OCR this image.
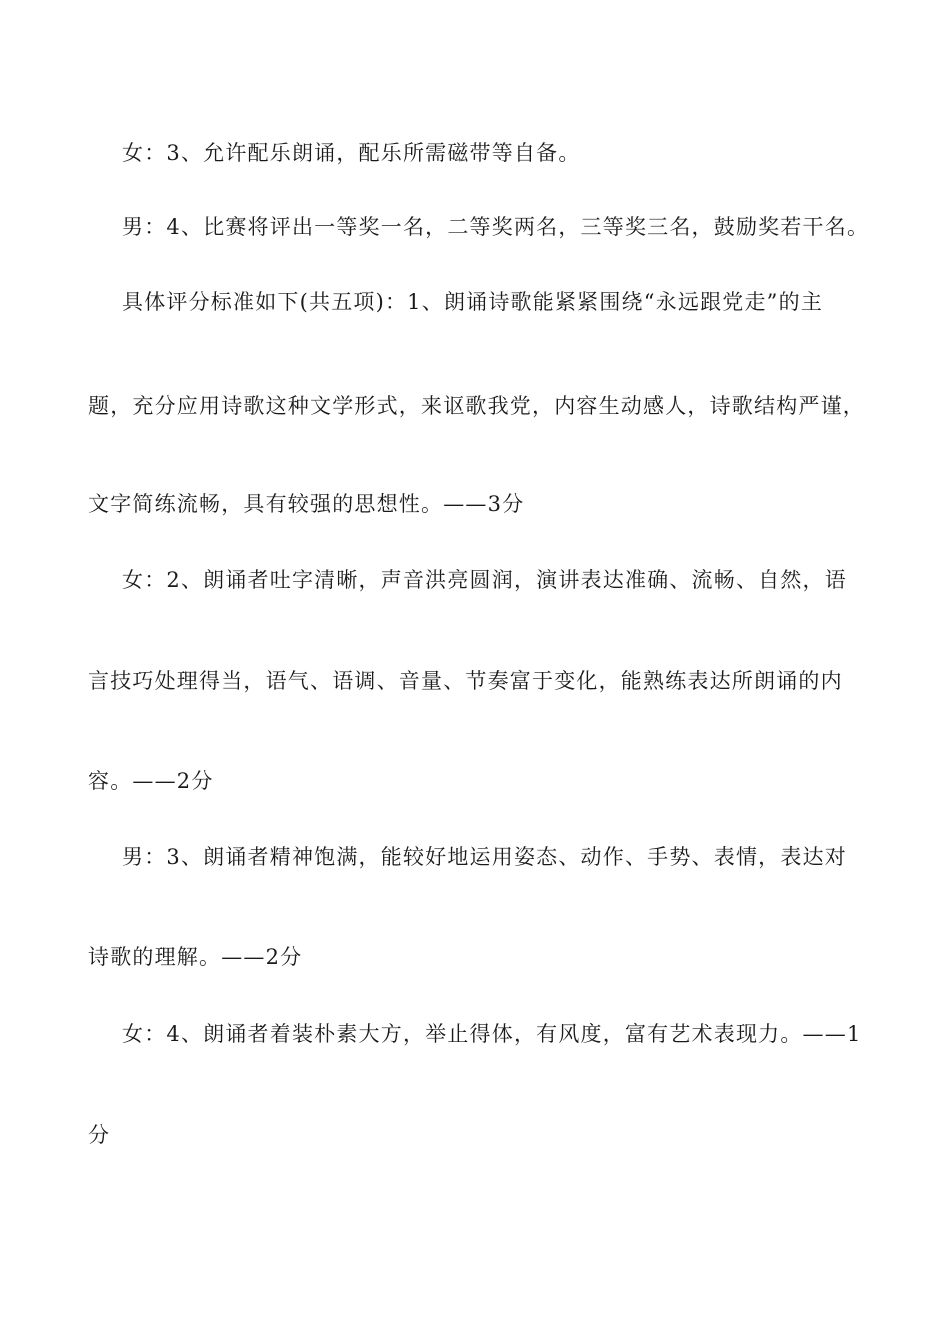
女：3、允许配乐朗诵，配乐所需磁带等自备。
男：4、比赛将评出一等奖一名，二等奖两名，三等奖三名，鼓励奖若干名。
具体评分标准如下(共五项)：1、朗诵诗歌能紧紧围绕“永远跟党走”的主
题，充分应用诗歌这种文学形式，来讴歌我党，内容生动感人，诗歌结构严谨，
文字简练流畅，具有较强的思想性。——3分
女：2、朗诵者吐字清晰，声音洪亮圆润，演讲表达准确、流畅、自然，语
言技巧处理得当，语气、语调、音量、节奏富于变化，能熟练表达所朗诵的内
容。——2分
男：3、朗诵者精神饱满，能较好地运用姿态、动作、手势、表情，表达对
诗歌的理解。——2分
女：4、朗诵者着装朴素大方，举止得体，有风度，富有艺术表现力。——1
分
